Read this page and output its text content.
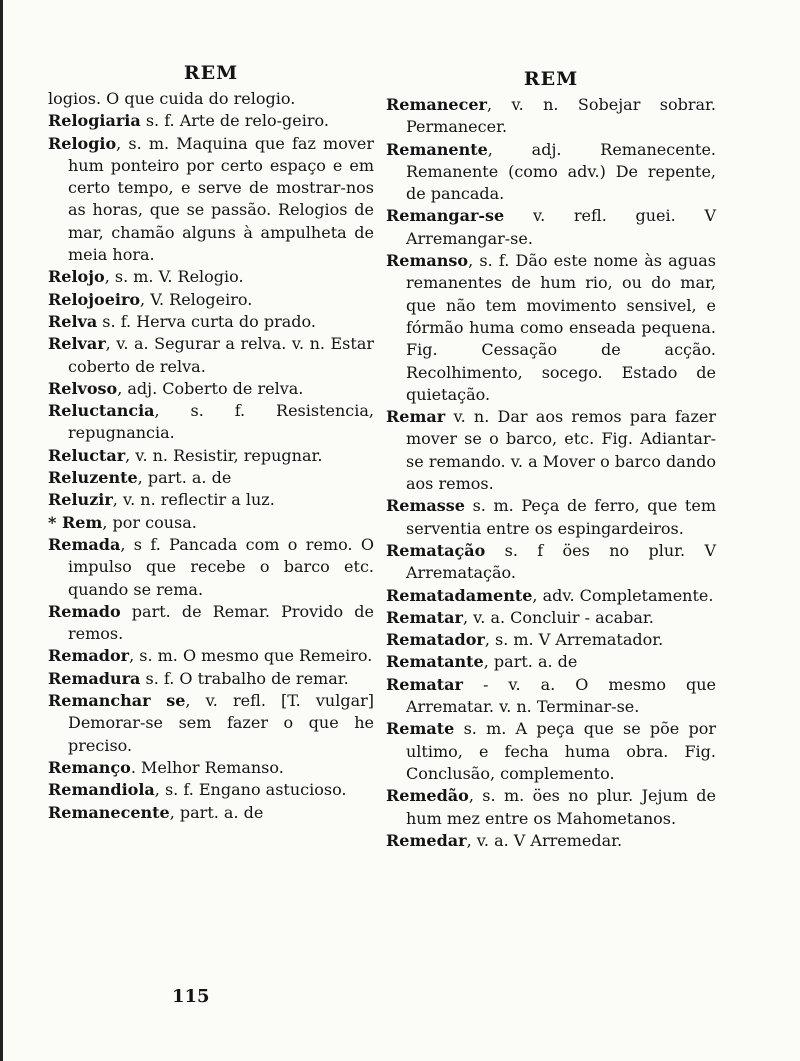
REM

logios. O que cuida do relogio.

Relogiaria s. f. Arte de relo-geiro.

Relogio, s. m. Maquina que faz mover hum ponteiro por certo espaço e em certo tempo, e serve de mostrar-nos as horas, que se passão. Relogios de mar, chamão alguns à ampulheta de meia hora.

Relojo, s. m. V. Relogio.

Relojoeiro, V. Relogeiro.

Relva s. f. Herva curta do prado.

Relvar, v. a. Segurar a relva. v. n. Estar coberto de relva.

Relvoso, adj. Coberto de relva.

Reluctancia, s. f. Resistencia, repugnancia.

Reluctar, v. n. Resistir, repugnar.

Reluzente, part. a. de

Reluzir, v. n. reflectir a luz.

* Rem, por cousa.

Remada, s f. Pancada com o remo. O impulso que recebe o barco etc. quando se rema.

Remado part. de Remar. Provido de remos.

Remador, s. m. O mesmo que Remeiro.

Remadura s. f. O trabalho de remar.

Remanchar se, v. refl. [T. vulgar] Demorar-se sem fazer o que he preciso.

Remanço. Melhor Remanso.

Remandiola, s. f. Engano astucioso.

Remanecente, part. a. de

REM

Remanecer, v. n. Sobejar sobrar. Permanecer.

Remanente, adj. Remanecente. Remanente (como adv.) De repente, de pancada.

Remangar-se v. refl. guei. V Arremangar-se.

Remanso, s. f. Dão este nome às aguas remanentes de hum rio, ou do mar, que não tem movimento sensivel, e fórmão huma como enseada pequena. Fig. Cessação de acção. Recolhimento, socego. Estado de quietação.

Remar v. n. Dar aos remos para fazer mover se o barco, etc. Fig. Adiantar-se remando. v. a Mover o barco dando aos remos.

Remasse s. m. Peça de ferro, que tem serventia entre os espingardeiros.

Rematação s. f öes no plur. V Arrematação.

Rematadamente, adv. Completamente.

Rematar, v. a. Concluir - acabar.

Rematador, s. m. V Arrematador.

Rematante, part. a. de

Rematar - v. a. O mesmo que Arrematar. v. n. Terminar-se.

Remate s. m. A peça que se põe por ultimo, e fecha huma obra. Fig. Conclusão, complemento.

Remedão, s. m. öes no plur. Jejum de hum mez entre os Mahometanos.

Remedar, v. a. V Arremedar.

115
